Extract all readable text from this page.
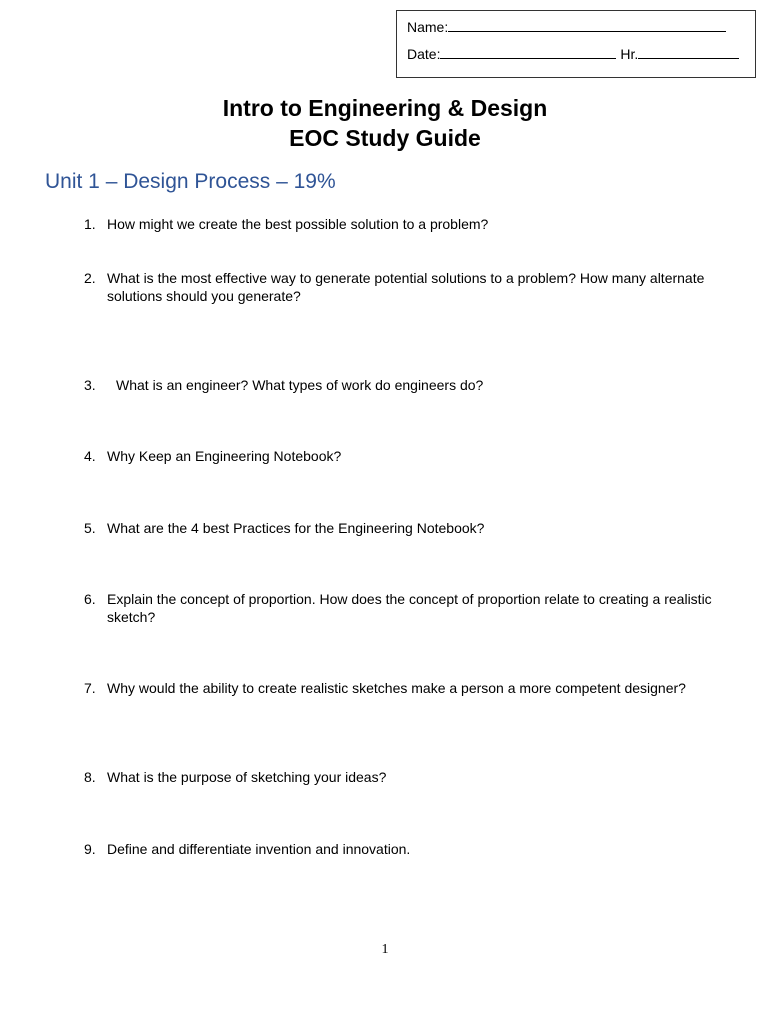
Name:
Date:	Hr.
Intro to Engineering & Design
EOC Study Guide
Unit 1 – Design Process – 19%
1. How might we create the best possible solution to a problem?
2. What is the most effective way to generate potential solutions to a problem? How many alternate solutions should you generate?
3.	What is an engineer? What types of work do engineers do?
4. Why Keep an Engineering Notebook?
5. What are the 4 best Practices for the Engineering Notebook?
6. Explain the concept of proportion. How does the concept of proportion relate to creating a realistic sketch?
7. Why would the ability to create realistic sketches make a person a more competent designer?
8. What is the purpose of sketching your ideas?
9. Define and differentiate invention and innovation.
1
